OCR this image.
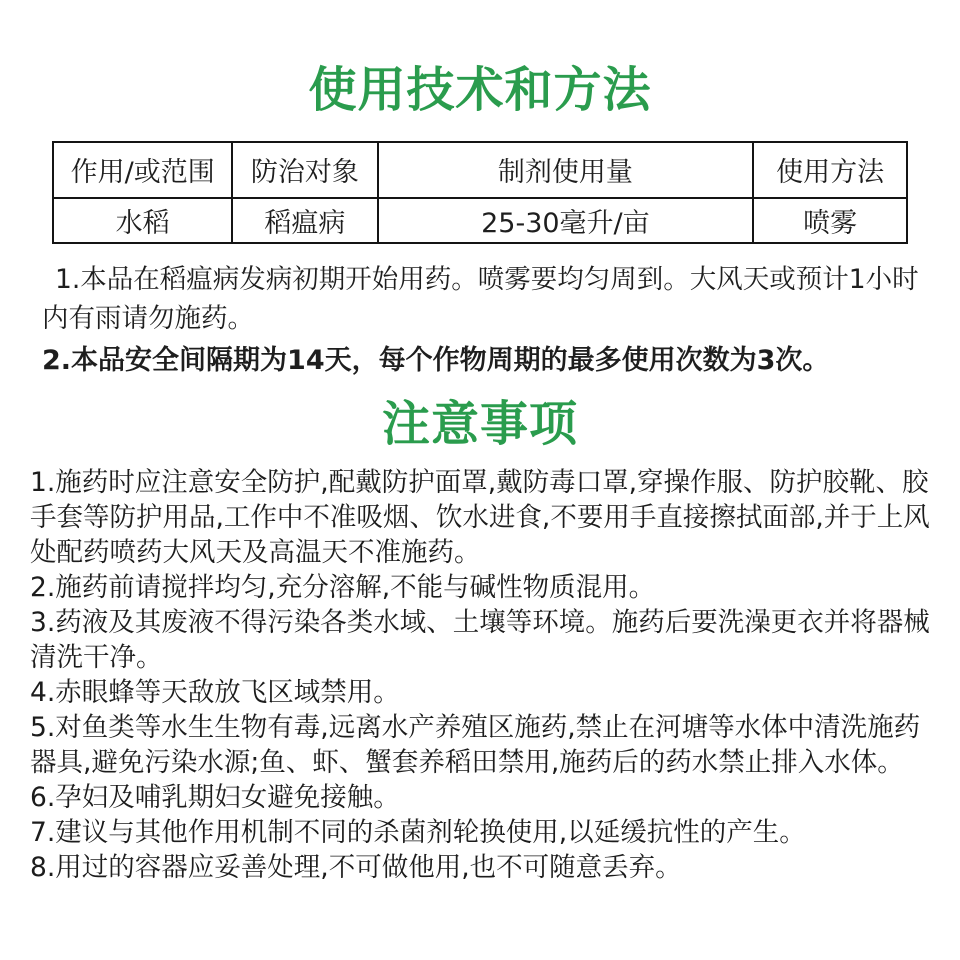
使用技术和方法
作用/或范围	防治对象	制剂使用量	使用方法
水稻	稻瘟病	25-30毫升/亩	喷雾

1.本品在稻瘟病发病初期开始用药。喷雾要均匀周到。大风天或预计1小时内有雨请勿施药。

2.本品安全间隔期为14天，每个作物周期的最多使用次数为3次。

注意事项

1.施药时应注意安全防护,配戴防护面罩,戴防毒口罩,穿操作服、防护胶靴、胶手套等防护用品,工作中不准吸烟、饮水进食,不要用手直接擦拭面部,并于上风处配药喷药大风天及高温天不准施药。

2.施药前请搅拌均匀,充分溶解,不能与碱性物质混用。

3.药液及其废液不得污染各类水域、土壤等环境。施药后要洗澡更衣并将器械清洗干净。

4.赤眼蜂等天敌放飞区域禁用。

5.对鱼类等水生生物有毒,远离水产养殖区施药,禁止在河塘等水体中清洗施药器具,避免污染水源;鱼、虾、蟹套养稻田禁用,施药后的药水禁止排入水体。

6.孕妇及哺乳期妇女避免接触。

7.建议与其他作用机制不同的杀菌剂轮换使用,以延缓抗性的产生。

8.用过的容器应妥善处理,不可做他用,也不可随意丢弃。
